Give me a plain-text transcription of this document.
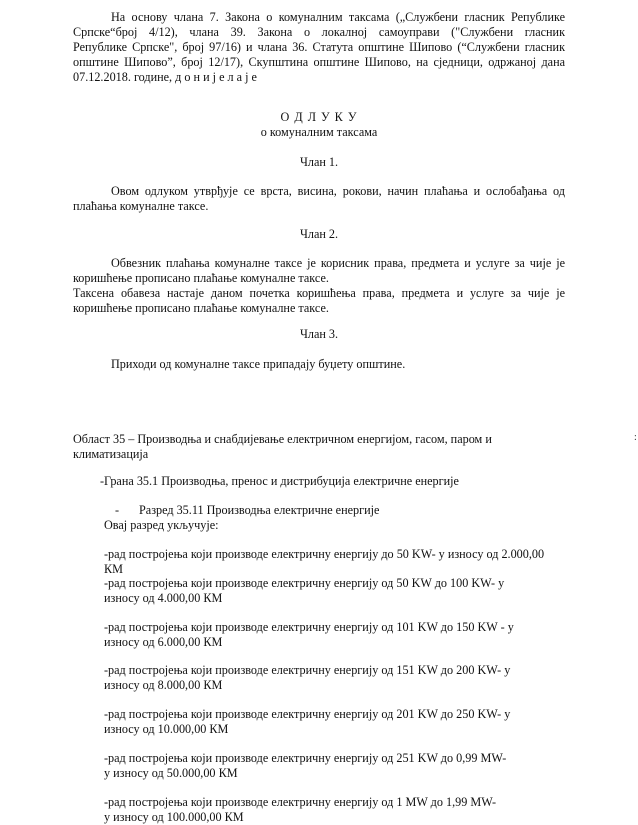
На основу члана 7. Закона о комуналним таксама („Службени гласник Републике
Српске“број 4/12), члана 39. Закона о локалној самоуправи ("Службени гласник
Републике Српске", број 97/16) и члана 36. Статута општине Шипово (“Службени гласник
општине Шипово”, број 12/17), Скупштина општине Шипово, на сједници, одржаној дана
07.12.2018. године, д о н и ј е л а ј е

О Д Л У К У

о комуналним таксама

Члан 1.

Овом одлуком утврђује се врста, висина, рокови, начин плаћања и ослобађања од
плаћања комуналне таксе.

Члан 2.

Обвезник плаћања комуналне таксе је корисник права, предмета и услуге за чије је
коришћење прописано плаћање комуналне таксе.
Таксена обавеза настаје даном почетка коришћења права, предмета и услуге за чије је
коришћење прописано плаћање комуналне таксе.

Члан 3.

Приходи од комуналне таксе припадају буџету општине.
Област 35 – Производња и снабдијевање електричном енергијом, гасом, паром и
климатизација
:
-Грана 35.1 Производња, пренос и дистрибуција електричне енергије
- Разред 35.11 Производња електричне енергије
Овај разред укључује:
-рад постројења који производе електричну енергију до 50 KW- у износу од 2.000,00
КМ
-рад постројења који производе електричну енергију од 50 KW до 100 KW- у
износу од 4.000,00 КМ
-рад постројења који производе електричну енергију од 101 KW до 150 KW - у
износу од 6.000,00 КМ
-рад постројења који производе електричну енергију од 151 KW до 200 KW- у
износу од 8.000,00 КМ
-рад постројења који производе електричну енергију од 201 KW до 250 KW- у
износу од 10.000,00 КМ
-рад постројења који производе електричну енергију од 251 KW до 0,99 MW-
у износу од 50.000,00 КМ
-рад постројења који производе електричну енергију од 1 MW до 1,99 MW-
у износу од 100.000,00 КМ
